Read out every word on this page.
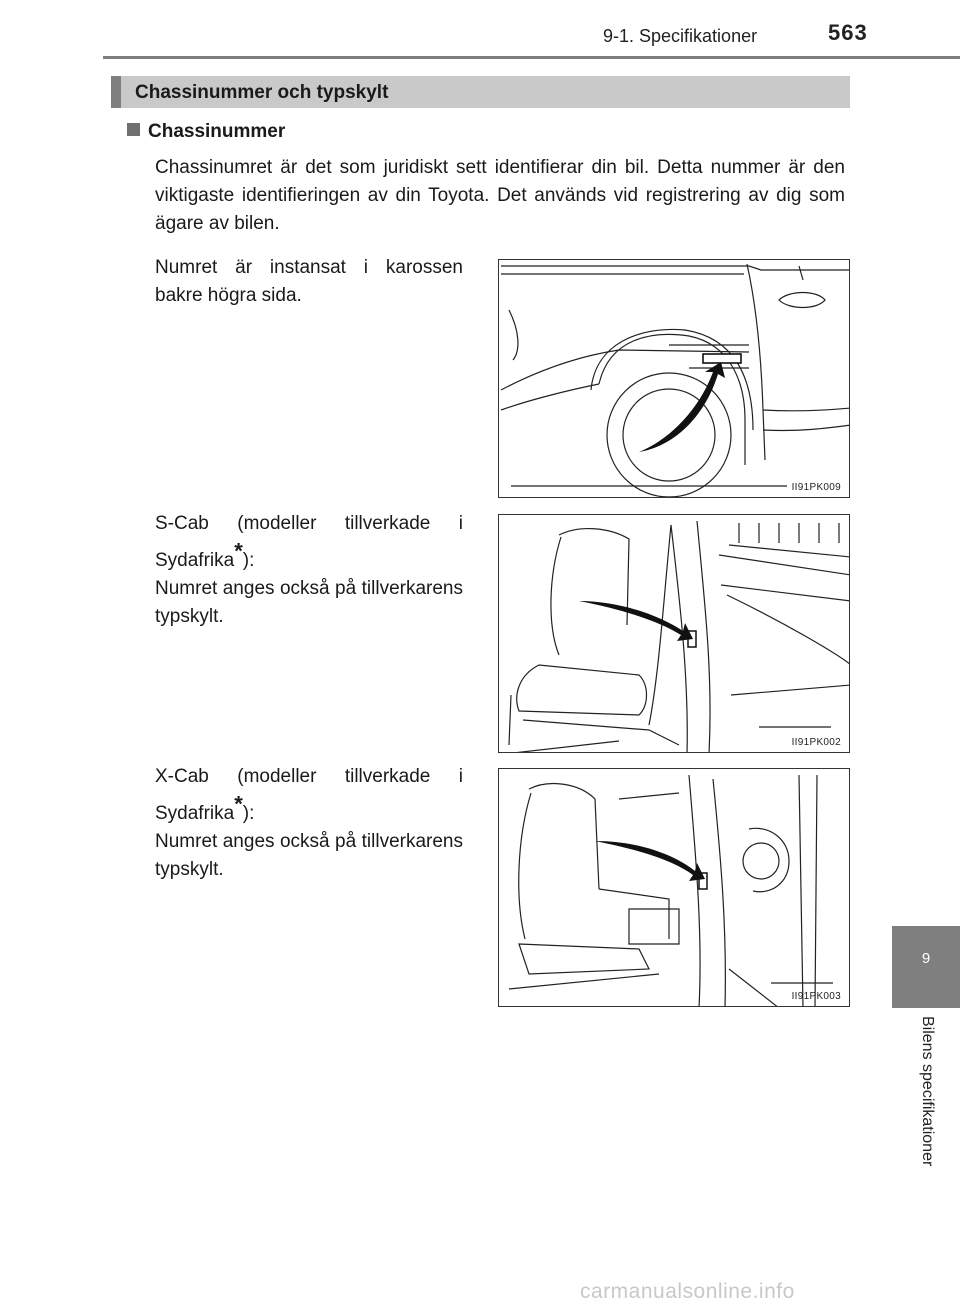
9-1. Specifikationer	563
Chassinummer och typskylt
Chassinummer
Chassinumret är det som juridiskt sett identifierar din bil. Detta nummer är den viktigaste identifieringen av din Toyota. Det används vid registrering av dig som ägare av bilen.
Numret är instansat i karossen bakre högra sida.
II91PK009
S-Cab (modeller tillverkade i Sydafrika*):
Numret anges också på tillverkarens typskylt.
II91PK002
X-Cab (modeller tillverkade i Sydafrika*):
Numret anges också på tillverkarens typskylt.
II91PK003
9
Bilens specifikationer
carmanualsonline.info
